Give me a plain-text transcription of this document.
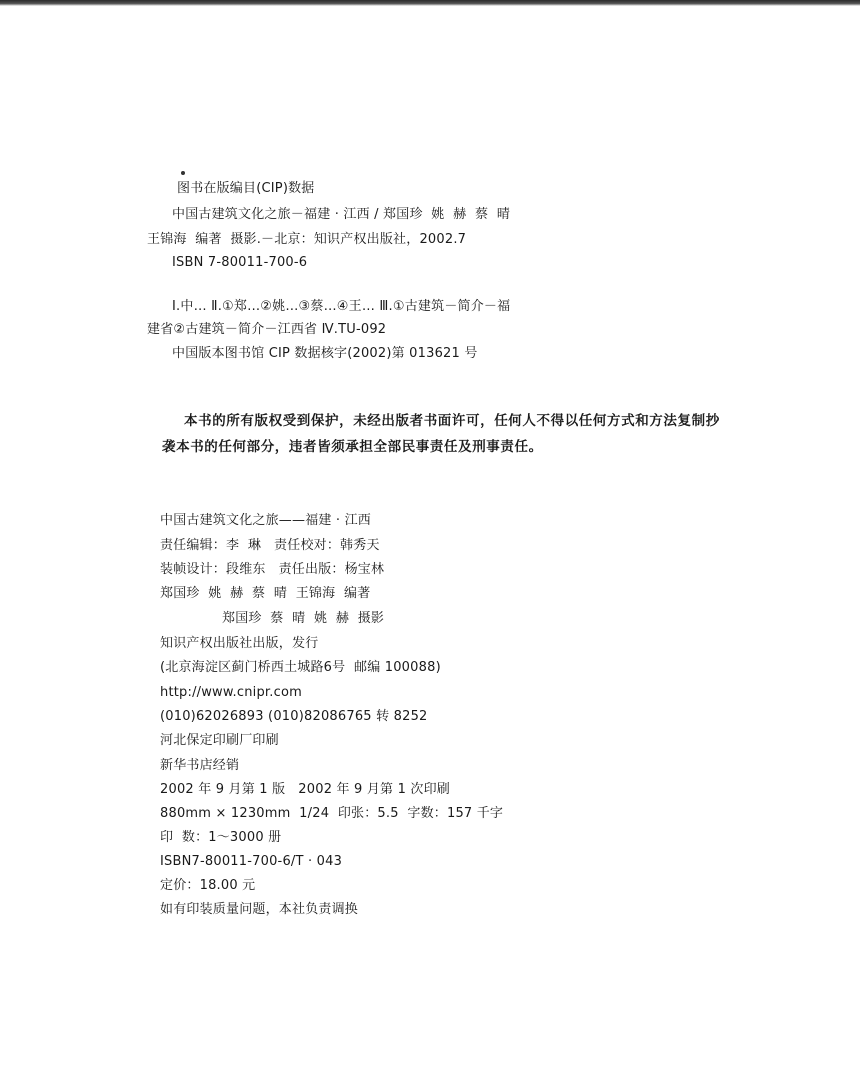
图书在版编目(CIP)数据
中国古建筑文化之旅－福建 · 江西 / 郑国珍  姚  赫  蔡  晴
王锦海  编著  摄影.－北京：知识产权出版社，2002.7
ISBN 7-80011-700-6
Ⅰ.中… Ⅱ.①郑…②姚…③蔡…④王… Ⅲ.①古建筑－简介－福
建省②古建筑－简介－江西省 Ⅳ.TU-092
中国版本图书馆 CIP 数据核字(2002)第 013621 号
本书的所有版权受到保护，未经出版者书面许可，任何人不得以任何方式和方法复制抄
袭本书的任何部分，违者皆须承担全部民事责任及刑事责任。
中国古建筑文化之旅——福建 · 江西
责任编辑：李  琳   责任校对：韩秀天
装帧设计：段维东   责任出版：杨宝林
郑国珍  姚  赫  蔡  晴  王锦海  编著
郑国珍  蔡  晴  姚  赫  摄影
知识产权出版社出版，发行
(北京海淀区蓟门桥西土城路6号  邮编 100088)
http://www.cnipr.com
(010)62026893 (010)82086765 转 8252
河北保定印刷厂印刷
新华书店经销
2002 年 9 月第 1 版   2002 年 9 月第 1 次印刷
880mm × 1230mm  1/24  印张：5.5  字数：157 千字
印  数：1～3000 册
ISBN7-80011-700-6/T · 043
定价：18.00 元
如有印装质量问题，本社负责调换
